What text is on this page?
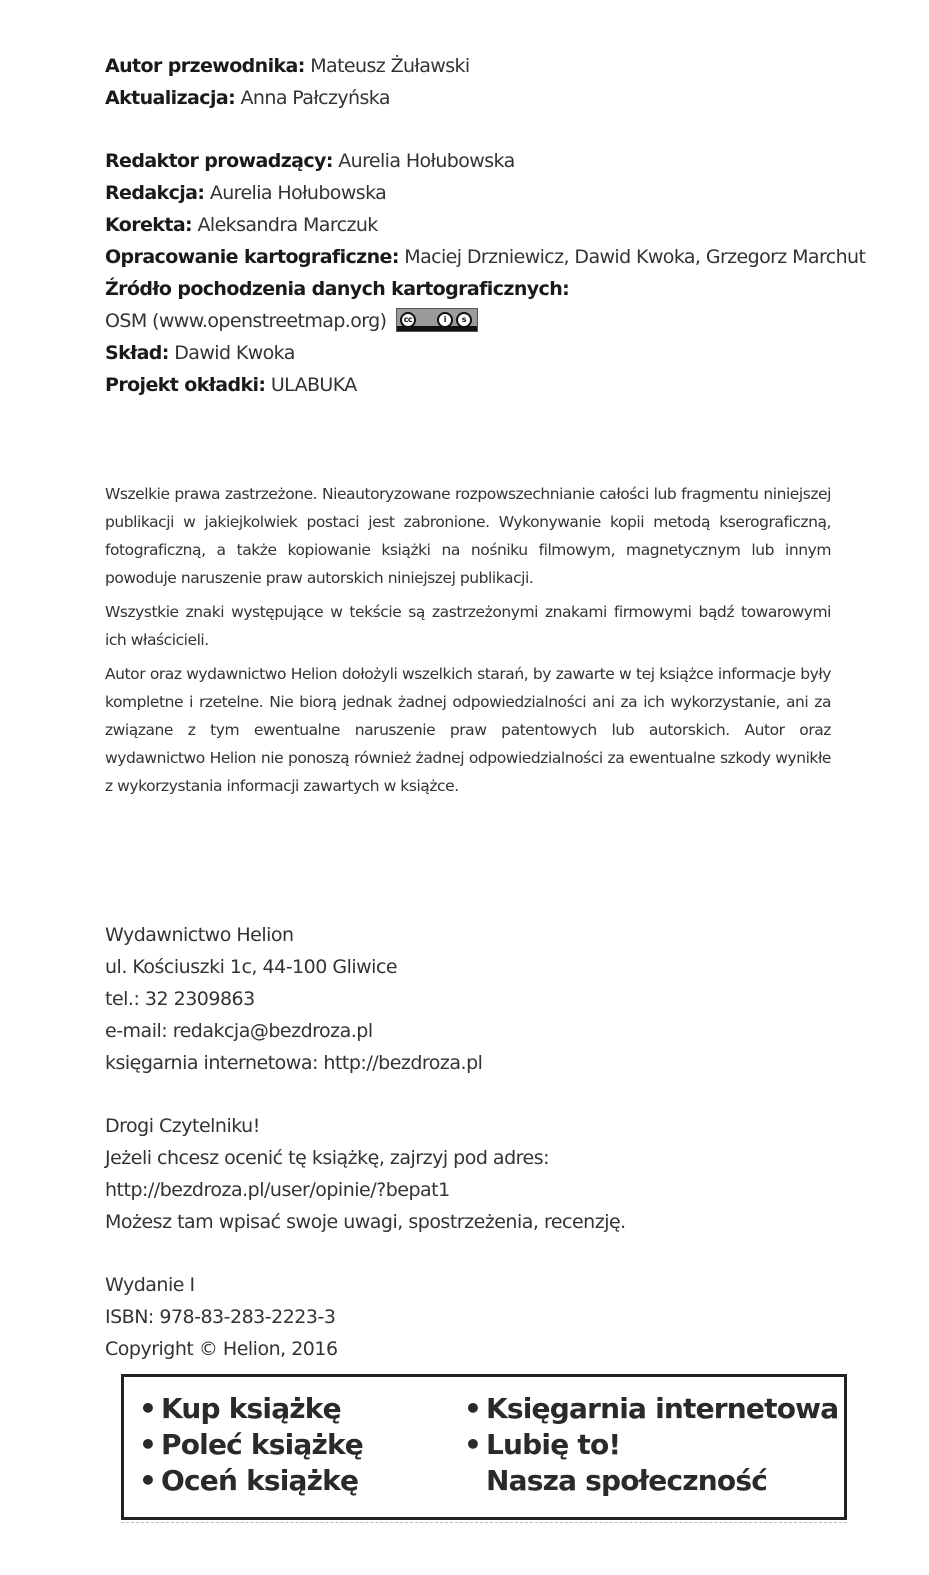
Autor przewodnika: Mateusz Żuławski
Aktualizacja: Anna Pałczyńska
Redaktor prowadzący: Aurelia Hołubowska
Redakcja: Aurelia Hołubowska
Korekta: Aleksandra Marczuk
Opracowanie kartograficzne: Maciej Drzniewicz, Dawid Kwoka, Grzegorz Marchut
Źródło pochodzenia danych kartograficznych:
OSM (www.openstreetmap.org)	cc	i	s
Skład: Dawid Kwoka
Projekt okładki: ULABUKA

Wszelkie prawa zastrzeżone. Nieautoryzowane rozpowszechnianie całości lub fragmentu niniejszej publikacji w jakiejkolwiek postaci jest zabronione. Wykonywanie kopii metodą kserograficzną, fotograficzną, a także kopiowanie książki na nośniku filmowym, magnetycznym lub innym powoduje naruszenie praw autorskich niniejszej publikacji.

Wszystkie znaki występujące w tekście są zastrzeżonymi znakami firmowymi bądź towarowymi ich właścicieli.

Autor oraz wydawnictwo Helion dołożyli wszelkich starań, by zawarte w tej książce informacje były kompletne i rzetelne. Nie biorą jednak żadnej odpowiedzialności ani za ich wykorzystanie, ani za związane z tym ewentualne naruszenie praw patentowych lub autorskich. Autor oraz wydawnictwo Helion nie ponoszą również żadnej odpowiedzialności za ewentualne szkody wynikłe z wykorzystania informacji zawartych w książce.

Wydawnictwo Helion
ul. Kościuszki 1c, 44-100 Gliwice
tel.: 32 2309863
e-mail: redakcja@bezdroza.pl
księgarnia internetowa: http://bezdroza.pl
Drogi Czytelniku!
Jeżeli chcesz ocenić tę książkę, zajrzyj pod adres:
http://bezdroza.pl/user/opinie/?bepat1
Możesz tam wpisać swoje uwagi, spostrzeżenia, recenzję.
Wydanie I
ISBN: 978-83-283-2223-3
Copyright © Helion, 2016
• Kup książkę
• Poleć książkę
• Oceń książkę
• Księgarnia internetowa
• Lubię to!
Nasza społeczność
